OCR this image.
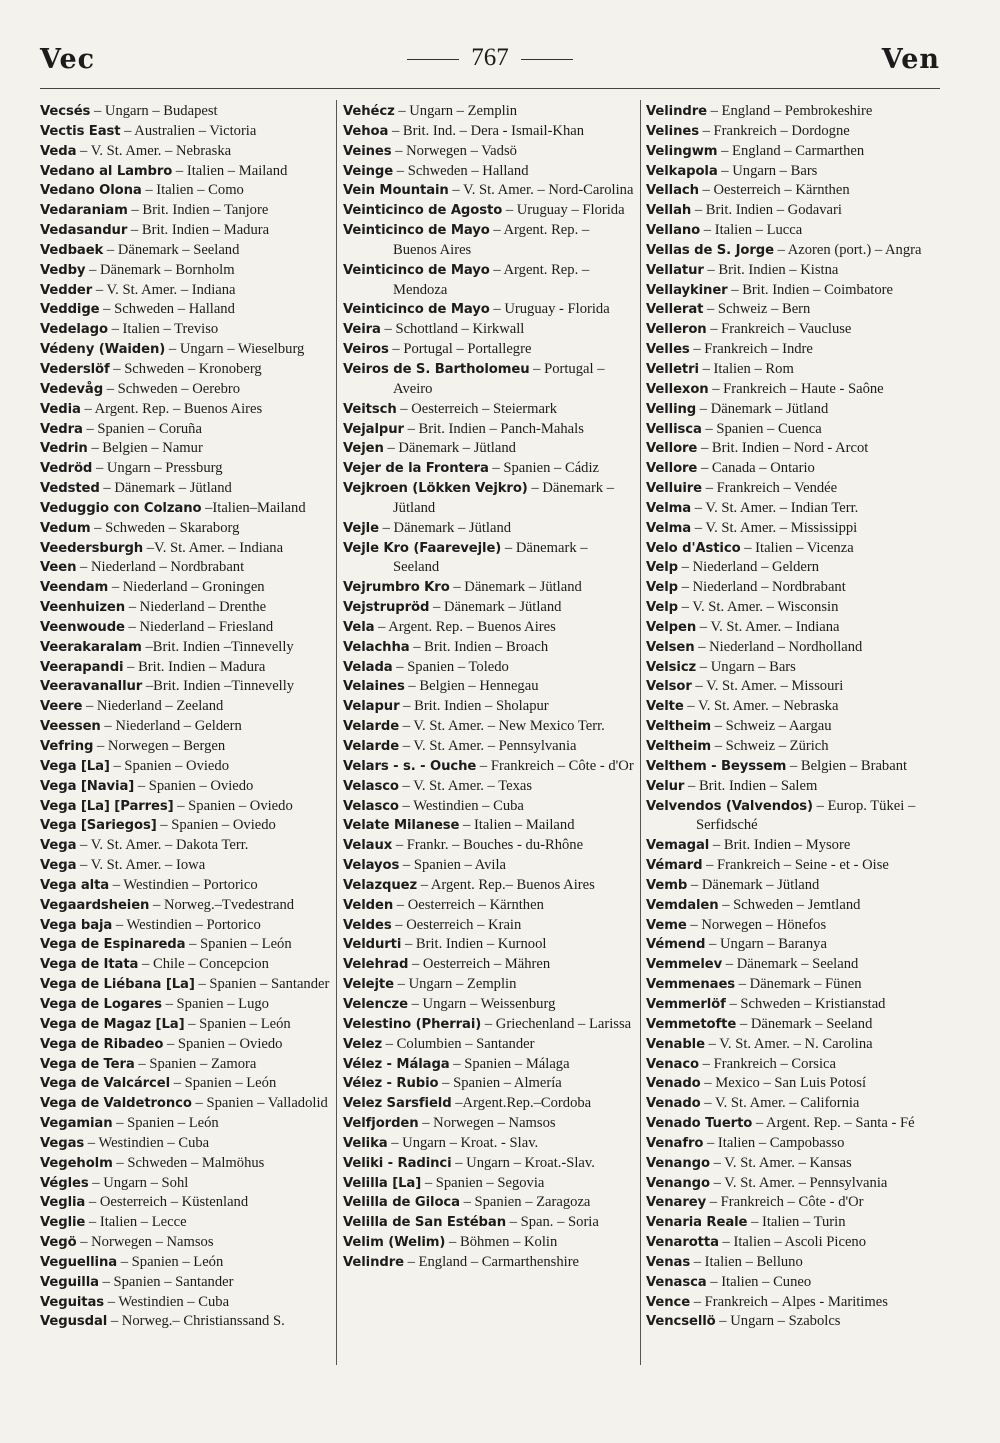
Vec	767	Ven
Vecsés – Ungarn – Budapest
Vectis East – Australien – Victoria
Veda – V. St. Amer. – Nebraska
Vedano al Lambro – Italien – Mailand
Vedano Olona – Italien – Como
Vedaraniam – Brit. Indien – Tanjore
Vedasandur – Brit. Indien – Madura
Vedbaek – Dänemark – Seeland
Vedby – Dänemark – Bornholm
Vedder – V. St. Amer. – Indiana
Veddige – Schweden – Halland
Vedelago – Italien – Treviso
Védeny (Waiden) – Ungarn – Wieselburg
Vederslöf – Schweden – Kronoberg
Vedevåg – Schweden – Oerebro
Vedia – Argent. Rep. – Buenos Aires
Vedra – Spanien – Coruña
Vedrin – Belgien – Namur
Vedröd – Ungarn – Pressburg
Vedsted – Dänemark – Jütland
Veduggio con Colzano –Italien–Mailand
Vedum – Schweden – Skaraborg
Veedersburgh –V. St. Amer. – Indiana
Veen – Niederland – Nordbrabant
Veendam – Niederland – Groningen
Veenhuizen – Niederland – Drenthe
Veenwoude – Niederland – Friesland
Veerakaralam –Brit. Indien –Tinnevelly
Veerapandi – Brit. Indien – Madura
Veeravanallur –Brit. Indien –Tinnevelly
Veere – Niederland – Zeeland
Veessen – Niederland – Geldern
Vefring – Norwegen – Bergen
Vega [La] – Spanien – Oviedo
Vega [Navia] – Spanien – Oviedo
Vega [La] [Parres] – Spanien – Oviedo
Vega [Sariegos] – Spanien – Oviedo
Vega – V. St. Amer. – Dakota Terr.
Vega – V. St. Amer. – Iowa
Vega alta – Westindien – Portorico
Vegaardsheien – Norweg.–Tvedestrand
Vega baja – Westindien – Portorico
Vega de Espinareda – Spanien – León
Vega de Itata – Chile – Concepcion
Vega de Liébana [La] – Spanien – Santander
Vega de Logares – Spanien – Lugo
Vega de Magaz [La] – Spanien – León
Vega de Ribadeo – Spanien – Oviedo
Vega de Tera – Spanien – Zamora
Vega de Valcárcel – Spanien – León
Vega de Valdetronco – Spanien – Valladolid
Vegamian – Spanien – León
Vegas – Westindien – Cuba
Vegeholm – Schweden – Malmöhus
Végles – Ungarn – Sohl
Veglia – Oesterreich – Küstenland
Veglie – Italien – Lecce
Vegö – Norwegen – Namsos
Veguellina – Spanien – León
Veguilla – Spanien – Santander
Veguitas – Westindien – Cuba
Vegusdal – Norweg.– Christianssand S.
Vehécz – Ungarn – Zemplin
Vehoa – Brit. Ind. – Dera - Ismail-Khan
Veines – Norwegen – Vadsö
Veinge – Schweden – Halland
Vein Mountain – V. St. Amer. – Nord-Carolina
Veinticinco de Agosto – Uruguay – Florida
Veinticinco de Mayo – Argent. Rep. – Buenos Aires
Veinticinco de Mayo – Argent. Rep. – Mendoza
Veinticinco de Mayo – Uruguay - Florida
Veira – Schottland – Kirkwall
Veiros – Portugal – Portallegre
Veiros de S. Bartholomeu – Portugal – Aveiro
Veitsch – Oesterreich – Steiermark
Vejalpur – Brit. Indien – Panch-Mahals
Vejen – Dänemark – Jütland
Vejer de la Frontera – Spanien – Cádiz
Vejkroen (Lökken Vejkro) – Dänemark – Jütland
Vejle – Dänemark – Jütland
Vejle Kro (Faarevejle) – Dänemark – Seeland
Vejrumbro Kro – Dänemark – Jütland
Vejstrupröd – Dänemark – Jütland
Vela – Argent. Rep. – Buenos Aires
Velachha – Brit. Indien – Broach
Velada – Spanien – Toledo
Velaines – Belgien – Hennegau
Velapur – Brit. Indien – Sholapur
Velarde – V. St. Amer. – New Mexico Terr.
Velarde – V. St. Amer. – Pennsylvania
Velars - s. - Ouche – Frankreich – Côte - d'Or
Velasco – V. St. Amer. – Texas
Velasco – Westindien – Cuba
Velate Milanese – Italien – Mailand
Velaux – Frankr. – Bouches - du-Rhône
Velayos – Spanien – Avila
Velazquez – Argent. Rep.– Buenos Aires
Velden – Oesterreich – Kärnthen
Veldes – Oesterreich – Krain
Veldurti – Brit. Indien – Kurnool
Velehrad – Oesterreich – Mähren
Velejte – Ungarn – Zemplin
Velencze – Ungarn – Weissenburg
Velestino (Pherrai) – Griechenland – Larissa
Velez – Columbien – Santander
Vélez - Málaga – Spanien – Málaga
Vélez - Rubio – Spanien – Almería
Velez Sarsfield –Argent.Rep.–Cordoba
Velfjorden – Norwegen – Namsos
Velika – Ungarn – Kroat. - Slav.
Veliki - Radinci – Ungarn – Kroat.-Slav.
Velilla [La] – Spanien – Segovia
Velilla de Giloca – Spanien – Zaragoza
Velilla de San Estéban – Span. – Soria
Velim (Welim) – Böhmen – Kolin
Velindre – England – Carmarthenshire
Velindre – England – Pembrokeshire
Velines – Frankreich – Dordogne
Velingwm – England – Carmarthen
Velkapola – Ungarn – Bars
Vellach – Oesterreich – Kärnthen
Vellah – Brit. Indien – Godavari
Vellano – Italien – Lucca
Vellas de S. Jorge – Azoren (port.) – Angra
Vellatur – Brit. Indien – Kistna
Vellaykiner – Brit. Indien – Coimbatore
Vellerat – Schweiz – Bern
Velleron – Frankreich – Vaucluse
Velles – Frankreich – Indre
Velletri – Italien – Rom
Vellexon – Frankreich – Haute - Saône
Velling – Dänemark – Jütland
Vellisca – Spanien – Cuenca
Vellore – Brit. Indien – Nord - Arcot
Vellore – Canada – Ontario
Velluire – Frankreich – Vendée
Velma – V. St. Amer. – Indian Terr.
Velma – V. St. Amer. – Mississippi
Velo d'Astico – Italien – Vicenza
Velp – Niederland – Geldern
Velp – Niederland – Nordbrabant
Velp – V. St. Amer. – Wisconsin
Velpen – V. St. Amer. – Indiana
Velsen – Niederland – Nordholland
Velsicz – Ungarn – Bars
Velsor – V. St. Amer. – Missouri
Velte – V. St. Amer. – Nebraska
Veltheim – Schweiz – Aargau
Veltheim – Schweiz – Zürich
Velthem - Beyssem – Belgien – Brabant
Velur – Brit. Indien – Salem
Velvendos (Valvendos) – Europ. Tükei – Serfidsché
Vemagal – Brit. Indien – Mysore
Vémard – Frankreich – Seine - et - Oise
Vemb – Dänemark – Jütland
Vemdalen – Schweden – Jemtland
Veme – Norwegen – Hönefos
Vémend – Ungarn – Baranya
Vemmelev – Dänemark – Seeland
Vemmenaes – Dänemark – Fünen
Vemmerlöf – Schweden – Kristianstad
Vemmetofte – Dänemark – Seeland
Venable – V. St. Amer. – N. Carolina
Venaco – Frankreich – Corsica
Venado – Mexico – San Luis Potosí
Venado – V. St. Amer. – California
Venado Tuerto – Argent. Rep. – Santa - Fé
Venafro – Italien – Campobasso
Venango – V. St. Amer. – Kansas
Venango – V. St. Amer. – Pennsylvania
Venarey – Frankreich – Côte - d'Or
Venaria Reale – Italien – Turin
Venarotta – Italien – Ascoli Piceno
Venas – Italien – Belluno
Venasca – Italien – Cuneo
Vence – Frankreich – Alpes - Maritimes
Vencsellö – Ungarn – Szabolcs
